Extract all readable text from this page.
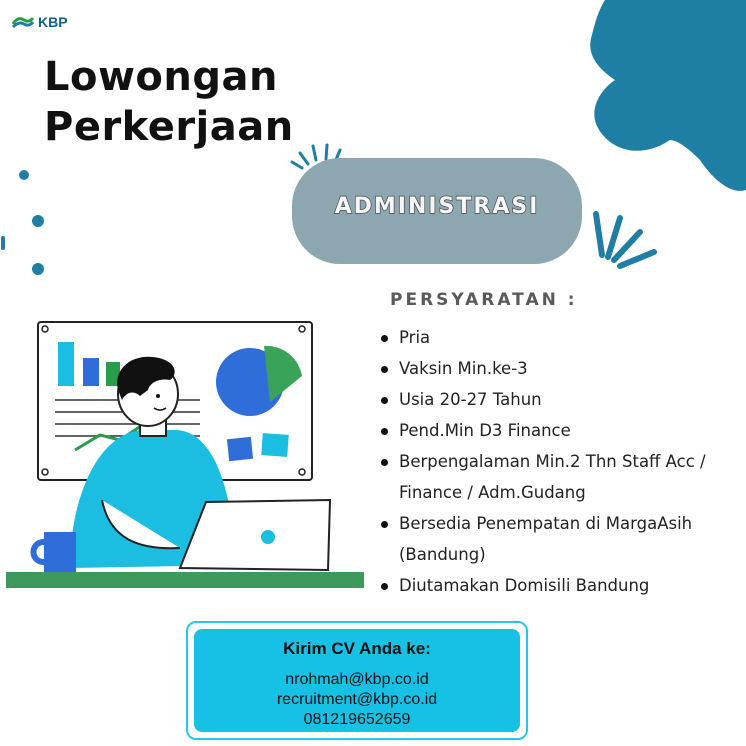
KBP
Lowongan
Perkerjaan
ADMINISTRASI
PERSYARATAN :
Pria
Vaksin Min.ke-3
Usia 20-27 Tahun
Pend.Min D3 Finance
Berpengalaman Min.2 Thn Staff Acc / Finance / Adm.Gudang
Bersedia Penempatan di MargaAsih (Bandung)
Diutamakan Domisili Bandung
Kirim CV Anda ke:
nrohmah@kbp.co.id
recruitment@kbp.co.id
081219652659
